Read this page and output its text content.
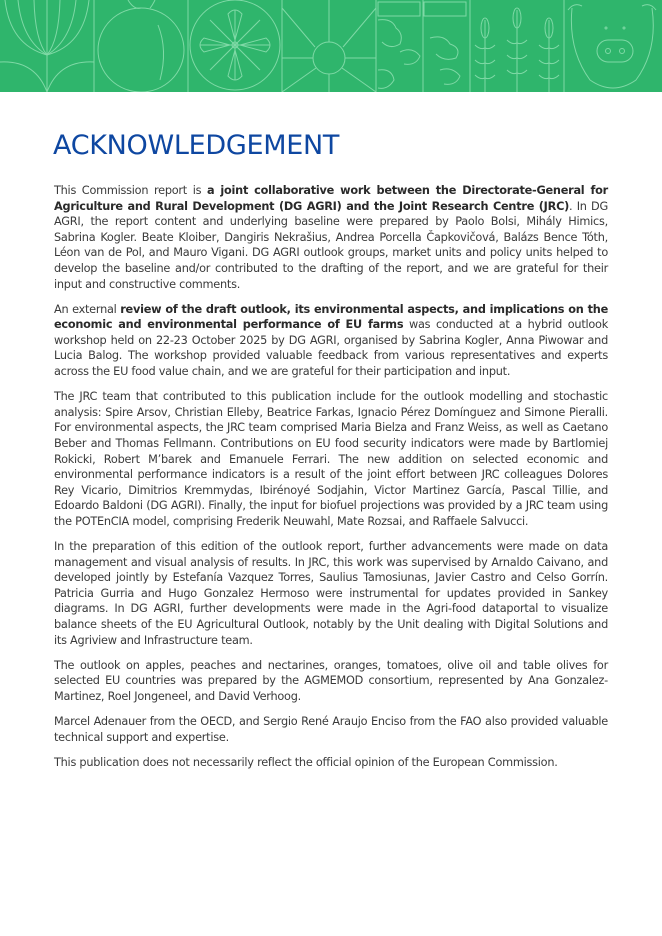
ACKNOWLEDGEMENT

This Commission report is a joint collaborative work between the Directorate-General for Agriculture and Rural Development (DG AGRI) and the Joint Research Centre (JRC). In DG AGRI, the report content and underlying baseline were prepared by Paolo Bolsi, Mihály Himics, Sabrina Kogler. Beate Kloiber, Dangiris Nekrašius, Andrea Porcella Čapkovičová, Balázs Bence Tóth, Léon van de Pol, and Mauro Vigani. DG AGRI outlook groups, market units and policy units helped to develop the baseline and/or contributed to the drafting of the report, and we are grateful for their input and constructive comments.

An external review of the draft outlook, its environmental aspects, and implications on the economic and environmental performance of EU farms was conducted at a hybrid outlook workshop held on 22-23 October 2025 by DG AGRI, organised by Sabrina Kogler, Anna Piwowar and Lucia Balog. The workshop provided valuable feedback from various representatives and experts across the EU food value chain, and we are grateful for their participation and input.

The JRC team that contributed to this publication include for the outlook modelling and stochastic analysis: Spire Arsov, Christian Elleby, Beatrice Farkas, Ignacio Pérez Domínguez and Simone Pieralli. For environmental aspects, the JRC team comprised Maria Bielza and Franz Weiss, as well as Caetano Beber and Thomas Fellmann. Contributions on EU food security indicators were made by Bartlomiej Rokicki, Robert M’barek and Emanuele Ferrari. The new addition on selected economic and environmental performance indicators is a result of the joint effort between JRC colleagues Dolores Rey Vicario, Dimitrios Kremmydas, Ibirénoyé Sodjahin, Victor Martinez García, Pascal Tillie, and Edoardo Baldoni (DG AGRI). Finally, the input for biofuel projections was provided by a JRC team using the POTEnCIA model, comprising Frederik Neuwahl, Mate Rozsai, and Raffaele Salvucci.

In the preparation of this edition of the outlook report, further advancements were made on data management and visual analysis of results. In JRC, this work was supervised by Arnaldo Caivano, and developed jointly by Estefanía Vazquez Torres, Saulius Tamosiunas, Javier Castro and Celso Gorrín. Patricia Gurria and Hugo Gonzalez Hermoso were instrumental for updates provided in Sankey diagrams. In DG AGRI, further developments were made in the Agri-food dataportal to visualize balance sheets of the EU Agricultural Outlook, notably by the Unit dealing with Digital Solutions and its Agriview and Infrastructure team.

The outlook on apples, peaches and nectarines, oranges, tomatoes, olive oil and table olives for selected EU countries was prepared by the AGMEMOD consortium, represented by Ana Gonzalez-Martinez, Roel Jongeneel, and David Verhoog.

Marcel Adenauer from the OECD, and Sergio René Araujo Enciso from the FAO also provided valuable technical support and expertise.

This publication does not necessarily reflect the official opinion of the European Commission.
